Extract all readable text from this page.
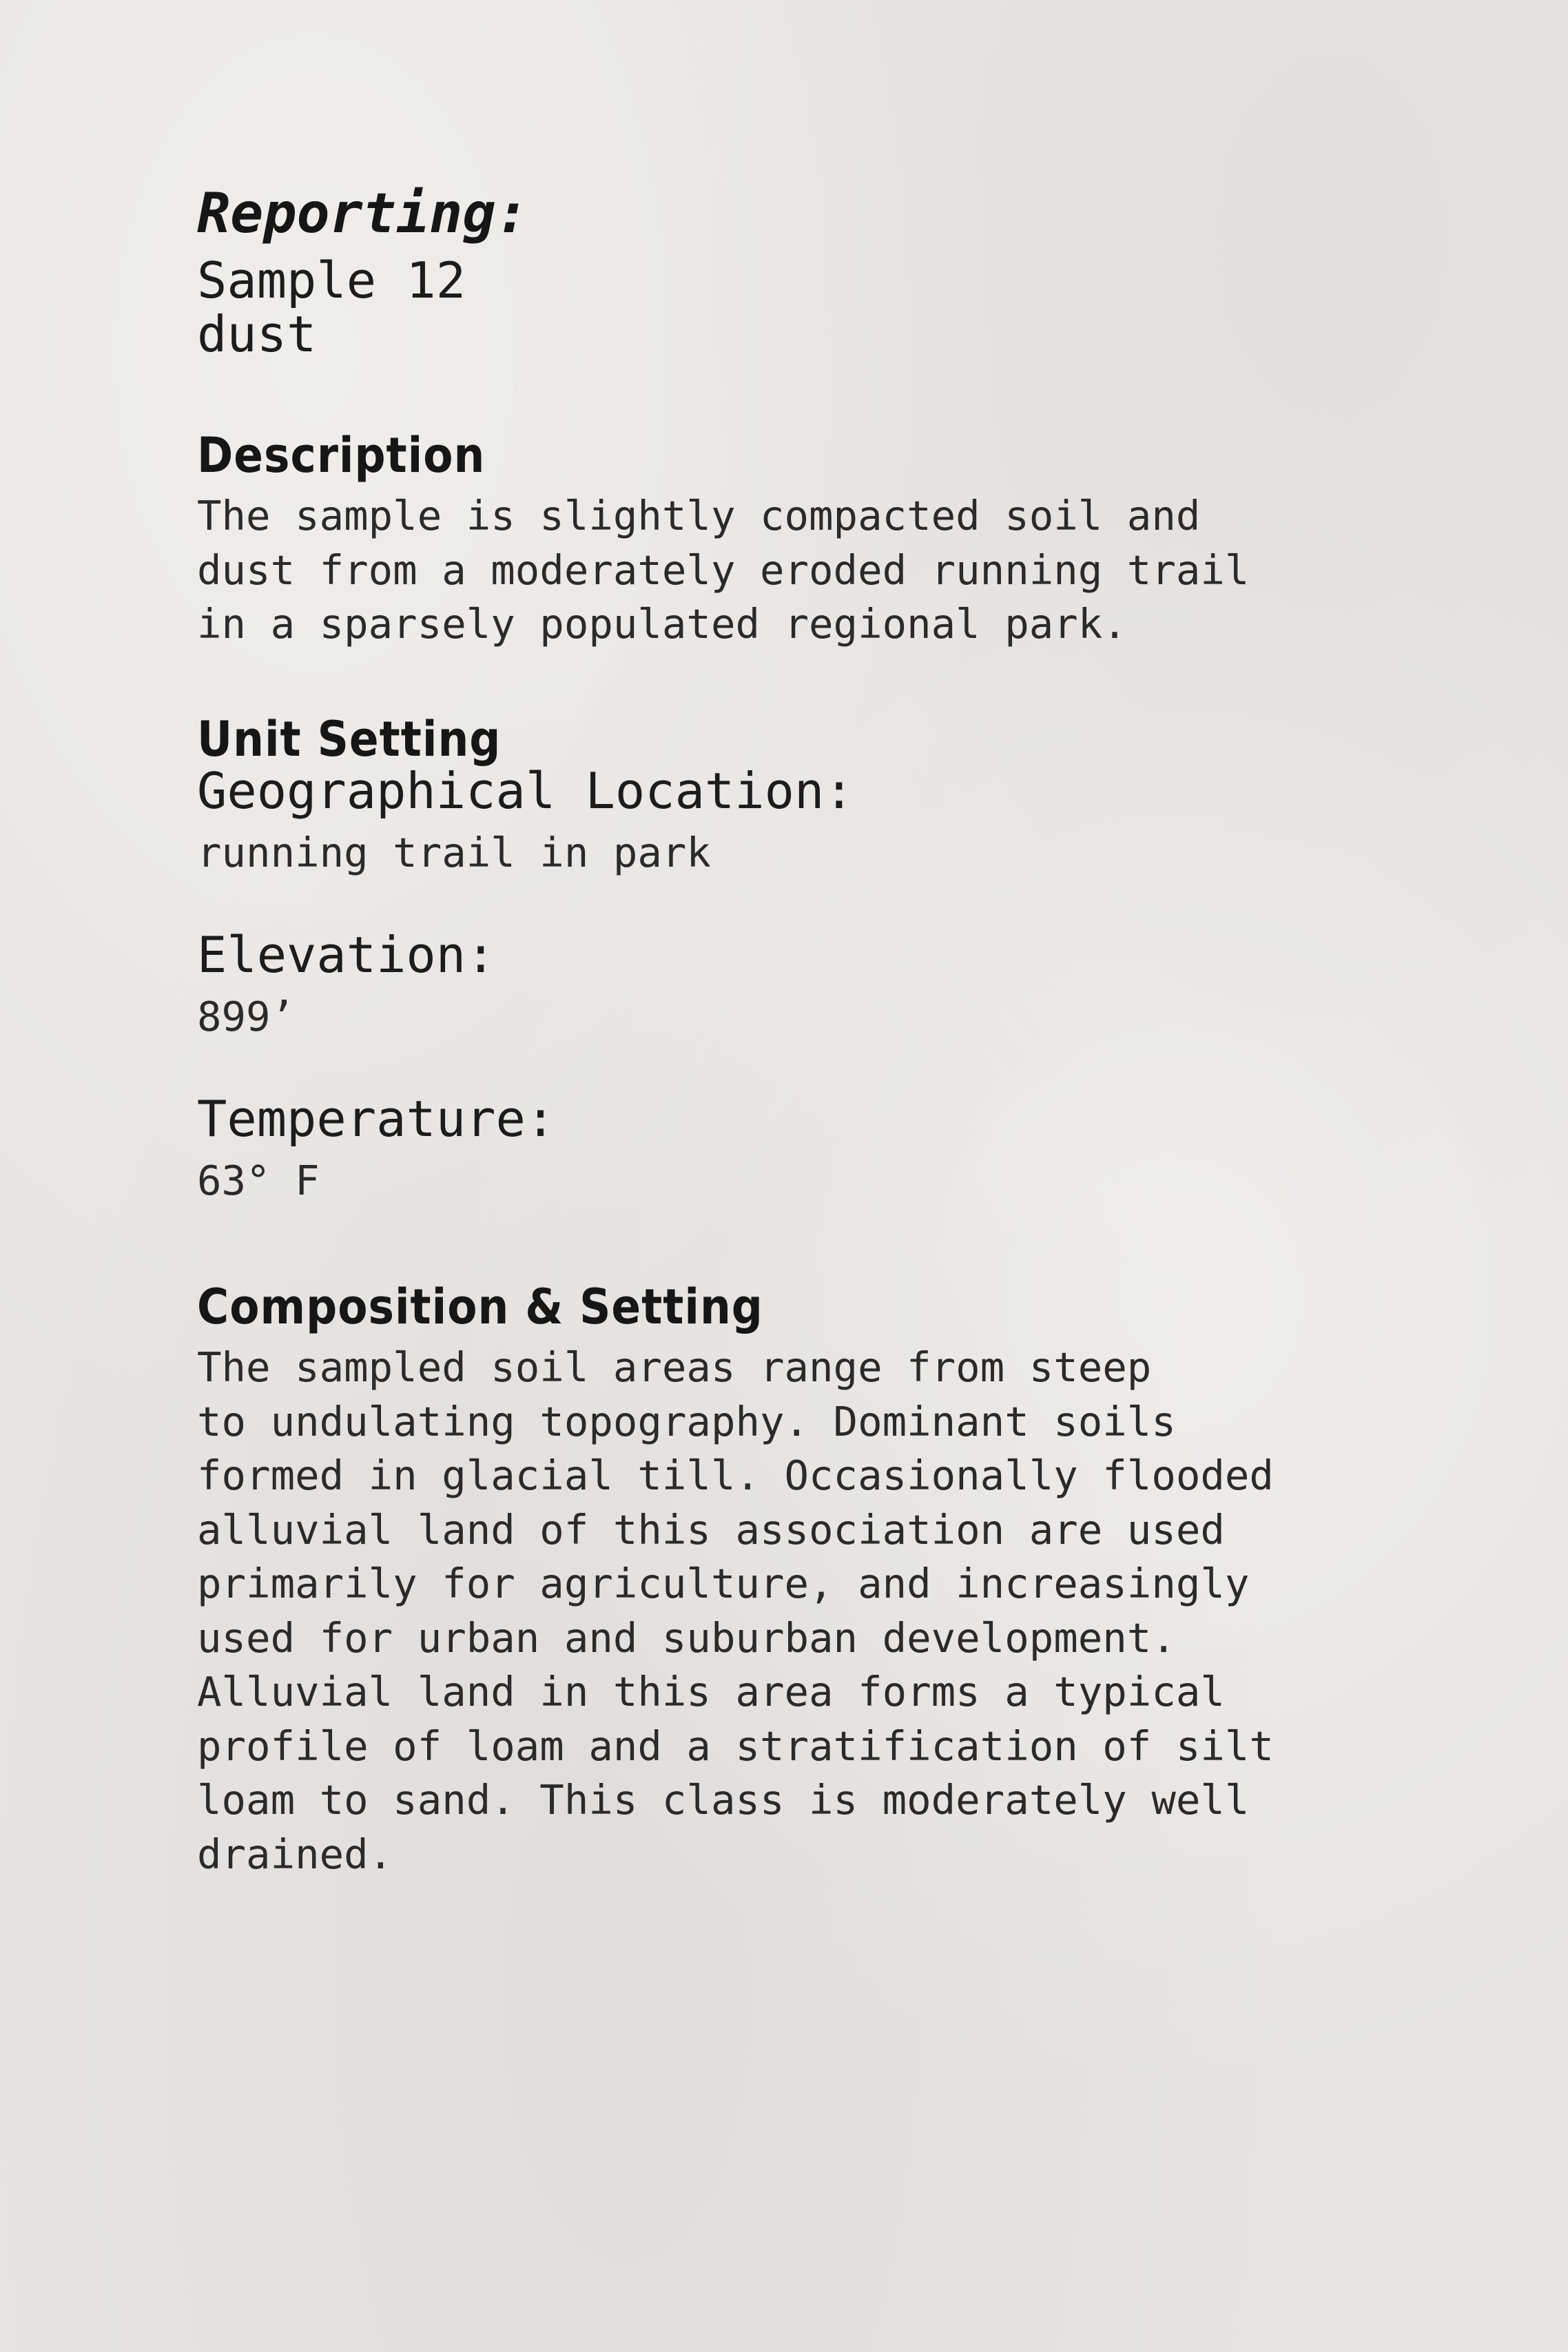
Reporting:

Sample 12

dust

Description

The sample is slightly compacted soil and

dust from a moderately eroded running trail

in a sparsely populated regional park.

Unit Setting

Geographical Location:

running trail in park

Elevation:

899’

Temperature:

63° F

Composition & Setting

The sampled soil areas range from steep

to undulating topography. Dominant soils

formed in glacial till. Occasionally flooded

alluvial land of this association are used

primarily for agriculture, and increasingly

used for urban and suburban development.

Alluvial land in this area forms a typical

profile of loam and a stratification of silt

loam to sand. This class is moderately well

drained.
